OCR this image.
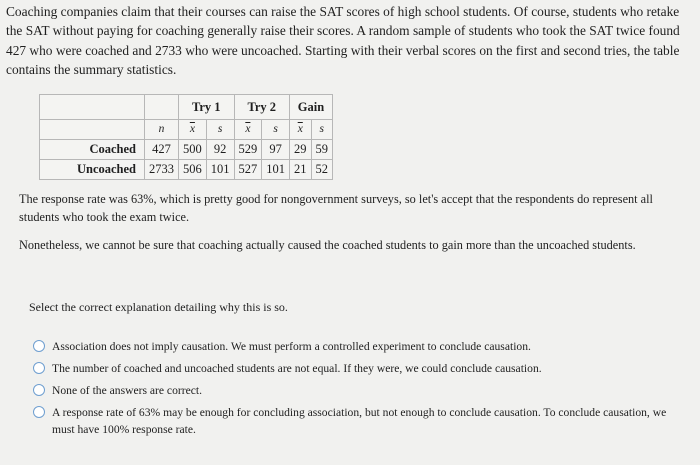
Coaching companies claim that their courses can raise the SAT scores of high school students. Of course, students who retake the SAT without paying for coaching generally raise their scores. A random sample of students who took the SAT twice found 427 who were coached and 2733 who were uncoached. Starting with their verbal scores on the first and second tries, the table contains the summary statistics.

		Try 1		Try 2		Gain	
	n	$\overline{x}$	s	$\overline{x}$	s	$\overline{x}$	s
Coached	427	500	92	529	97	29	59
Uncoached	2733	506	101	527	101	21	52

The response rate was 63%, which is pretty good for nongovernment surveys, so let's accept that the respondents do represent all students who took the exam twice.

Nonetheless, we cannot be sure that coaching actually caused the coached students to gain more than the uncoached students.

Select the correct explanation detailing why this is so.

Association does not imply causation. We must perform a controlled experiment to conclude causation.
The number of coached and uncoached students are not equal. If they were, we could conclude causation.
None of the answers are correct.
A response rate of 63% may be enough for concluding association, but not enough to conclude causation. To conclude causation, we must have 100% response rate.
